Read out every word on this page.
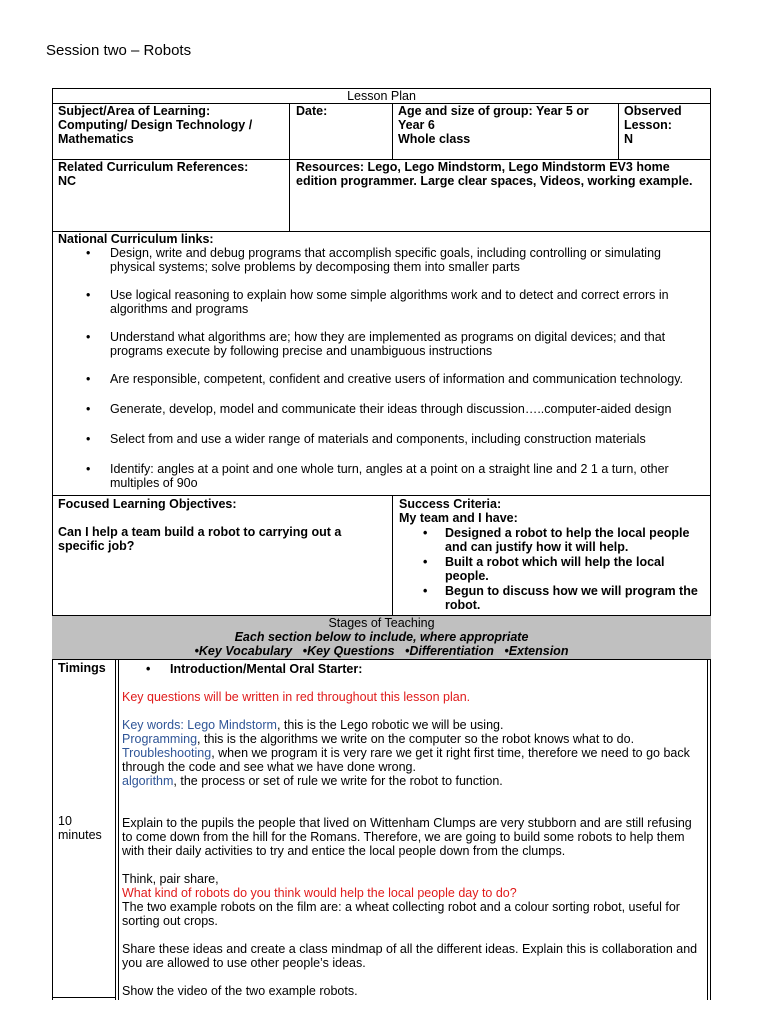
Session two – Robots
Lesson Plan
Subject/Area of Learning:
Computing/ Design Technology / Mathematics
Date:	Age and size of group: Year 5 or Year 6
Whole class
Observed Lesson:
N
Related Curriculum References:
NC
Resources: Lego, Lego Mindstorm, Lego Mindstorm EV3 home edition programmer. Large clear spaces, Videos, working example.
National Curriculum links:
• Design, write and debug programs that accomplish specific goals, including controlling or simulating physical systems; solve problems by decomposing them into smaller parts
• Use logical reasoning to explain how some simple algorithms work and to detect and correct errors in algorithms and programs
• Understand what algorithms are; how they are implemented as programs on digital devices; and that programs execute by following precise and unambiguous instructions
• Are responsible, competent, confident and creative users of information and communication technology.
• Generate, develop, model and communicate their ideas through discussion…..computer-aided design
• Select from and use a wider range of materials and components, including construction materials
• Identify: angles at a point and one whole turn, angles at a point on a straight line and 2 1 a turn, other multiples of 90o
Focused Learning Objectives:
Can I help a team build a robot to carrying out a specific job?
Success Criteria:
My team and I have:
• Designed a robot to help the local people and can justify how it will help.
• Built a robot which will help the local people.
• Begun to discuss how we will program the robot.
Stages of Teaching
Each section below to include, where appropriate
•Key Vocabulary •Key Questions •Differentiation •Extension
Timings
10 minutes

• Introduction/Mental Oral Starter:

Key questions will be written in red throughout this lesson plan.

Key words: Lego Mindstorm, this is the Lego robotic we will be using.

Programming, this is the algorithms we write on the computer so the robot knows what to do.

Troubleshooting, when we program it is very rare we get it right first time, therefore we need to go back through the code and see what we have done wrong.

algorithm, the process or set of rule we write for the robot to function.

Explain to the pupils the people that lived on Wittenham Clumps are very stubborn and are still refusing to come down from the hill for the Romans. Therefore, we are going to build some robots to help them with their daily activities to try and entice the local people down from the clumps.

Think, pair share,

What kind of robots do you think would help the local people day to do?

The two example robots on the film are: a wheat collecting robot and a colour sorting robot, useful for sorting out crops.

Share these ideas and create a class mindmap of all the different ideas. Explain this is collaboration and you are allowed to use other people’s ideas.

Show the video of the two example robots.
